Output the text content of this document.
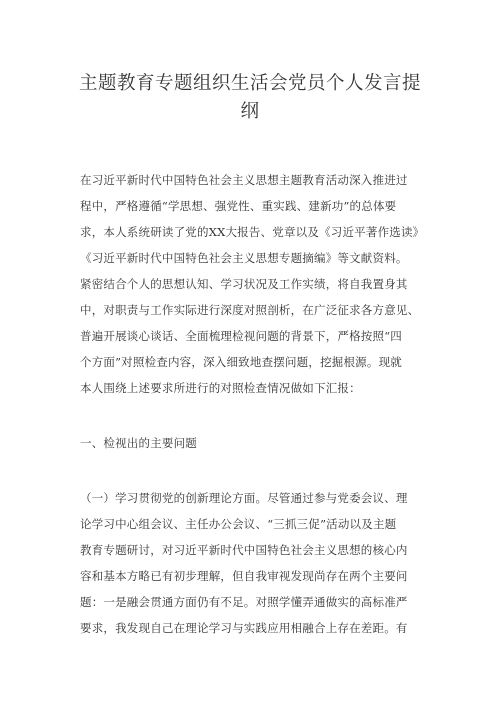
主题教育专题组织生活会党员个人发言提
纲
在习近平新时代中国特色社会主义思想主题教育活动深入推进过
程中，严格遵循“学思想、强党性、重实践、建新功”的总体要
求，本人系统研读了党的XX大报告、党章以及《习近平著作选读》
《习近平新时代中国特色社会主义思想专题摘编》等文献资料。
紧密结合个人的思想认知、学习状况及工作实绩，将自我置身其
中，对职责与工作实际进行深度对照剖析，在广泛征求各方意见、
普遍开展谈心谈话、全面梳理检视问题的背景下，严格按照“四
个方面”对照检查内容，深入细致地查摆问题，挖掘根源。现就
本人围绕上述要求所进行的对照检查情况做如下汇报：
一、检视出的主要问题
（一）学习贯彻党的创新理论方面。尽管通过参与党委会议、理
论学习中心组会议、主任办公会议、“三抓三促”活动以及主题
教育专题研讨，对习近平新时代中国特色社会主义思想的核心内
容和基本方略已有初步理解，但自我审视发现尚存在两个主要问
题：一是融会贯通方面仍有不足。对照学懂弄通做实的高标准严
要求，我发现自己在理论学习与实践应用相融合上存在差距。有
